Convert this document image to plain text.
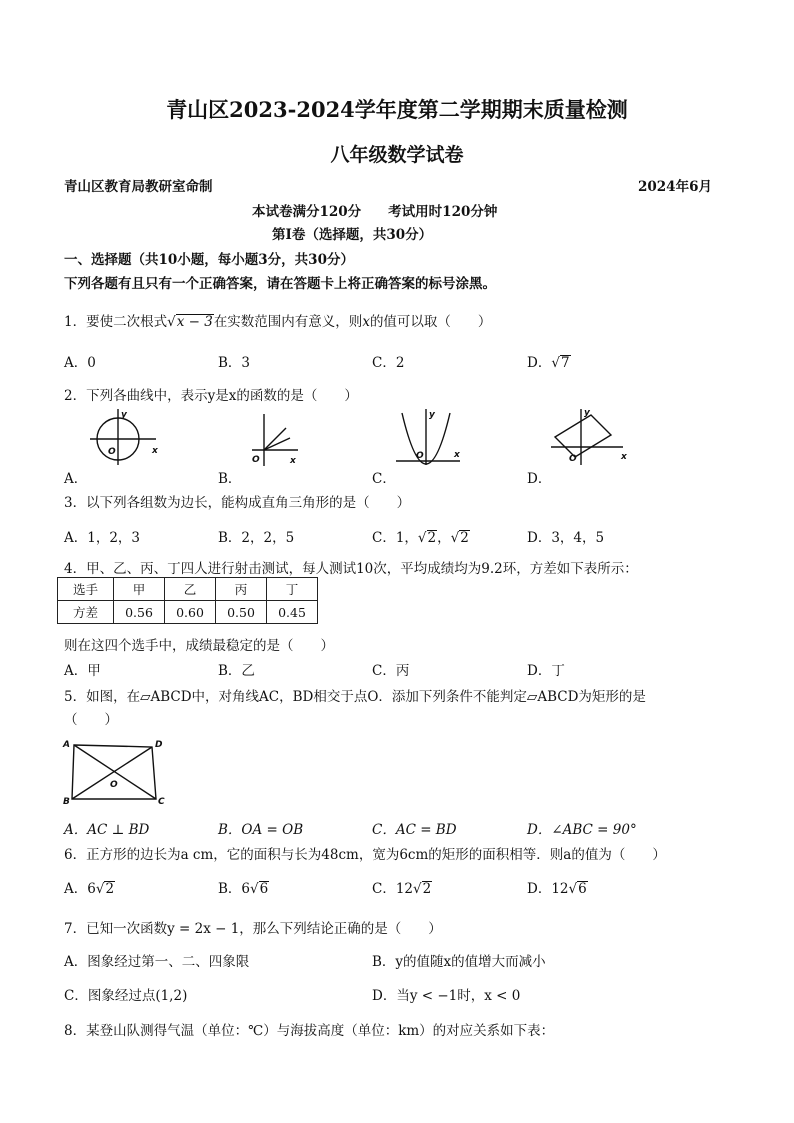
青山区2023-2024学年度第二学期期末质量检测
八年级数学试卷
青山区教育局教研室命制	2024年6月
本试卷满分120分　　考试用时120分钟
第Ⅰ卷（选择题，共30分）
一、选择题（共10小题，每小题3分，共30分）
下列各题有且只有一个正确答案，请在答题卡上将正确答案的标号涂黑。
1．要使二次根式√x − 3在实数范围内有意义，则x的值可以取（　　）
A．0	B．3	C．2	D．√7
2．下列各曲线中，表示y是x的函数的是（　　）
y
O	x
O	x
y
O	x
y
O	x
A．	B．	C．	D．
3．以下列各组数为边长，能构成直角三角形的是（　　）
A．1，2，3	B．2，2，5	C．1，√2，√2	D．3，4，5
4．甲、乙、丙、丁四人进行射击测试，每人测试10次，平均成绩均为9.2环，方差如下表所示：
选手	甲	乙	丙	丁
方差	0.56	0.60	0.50	0.45
则在这四个选手中，成绩最稳定的是（　　）
A．甲	B．乙	C．丙	D．丁
5．如图，在▱ABCD中，对角线AC，BD相交于点O．添加下列条件不能判定▱ABCD为矩形的是
（　　）
A	D
B	C
O
A．AC ⊥ BD	B．OA = OB	C．AC = BD	D．∠ABC = 90°
6．正方形的边长为a cm，它的面积与长为48cm，宽为6cm的矩形的面积相等．则a的值为（　　）
A．6√2	B．6√6	C．12√2	D．12√6
7．已知一次函数y = 2x − 1，那么下列结论正确的是（　　）
A．图象经过第一、二、四象限	B．y的值随x的值增大而减小
C．图象经过点(1,2)	D．当y < −1时，x < 0
8．某登山队测得气温（单位：℃）与海拔高度（单位：km）的对应关系如下表：
